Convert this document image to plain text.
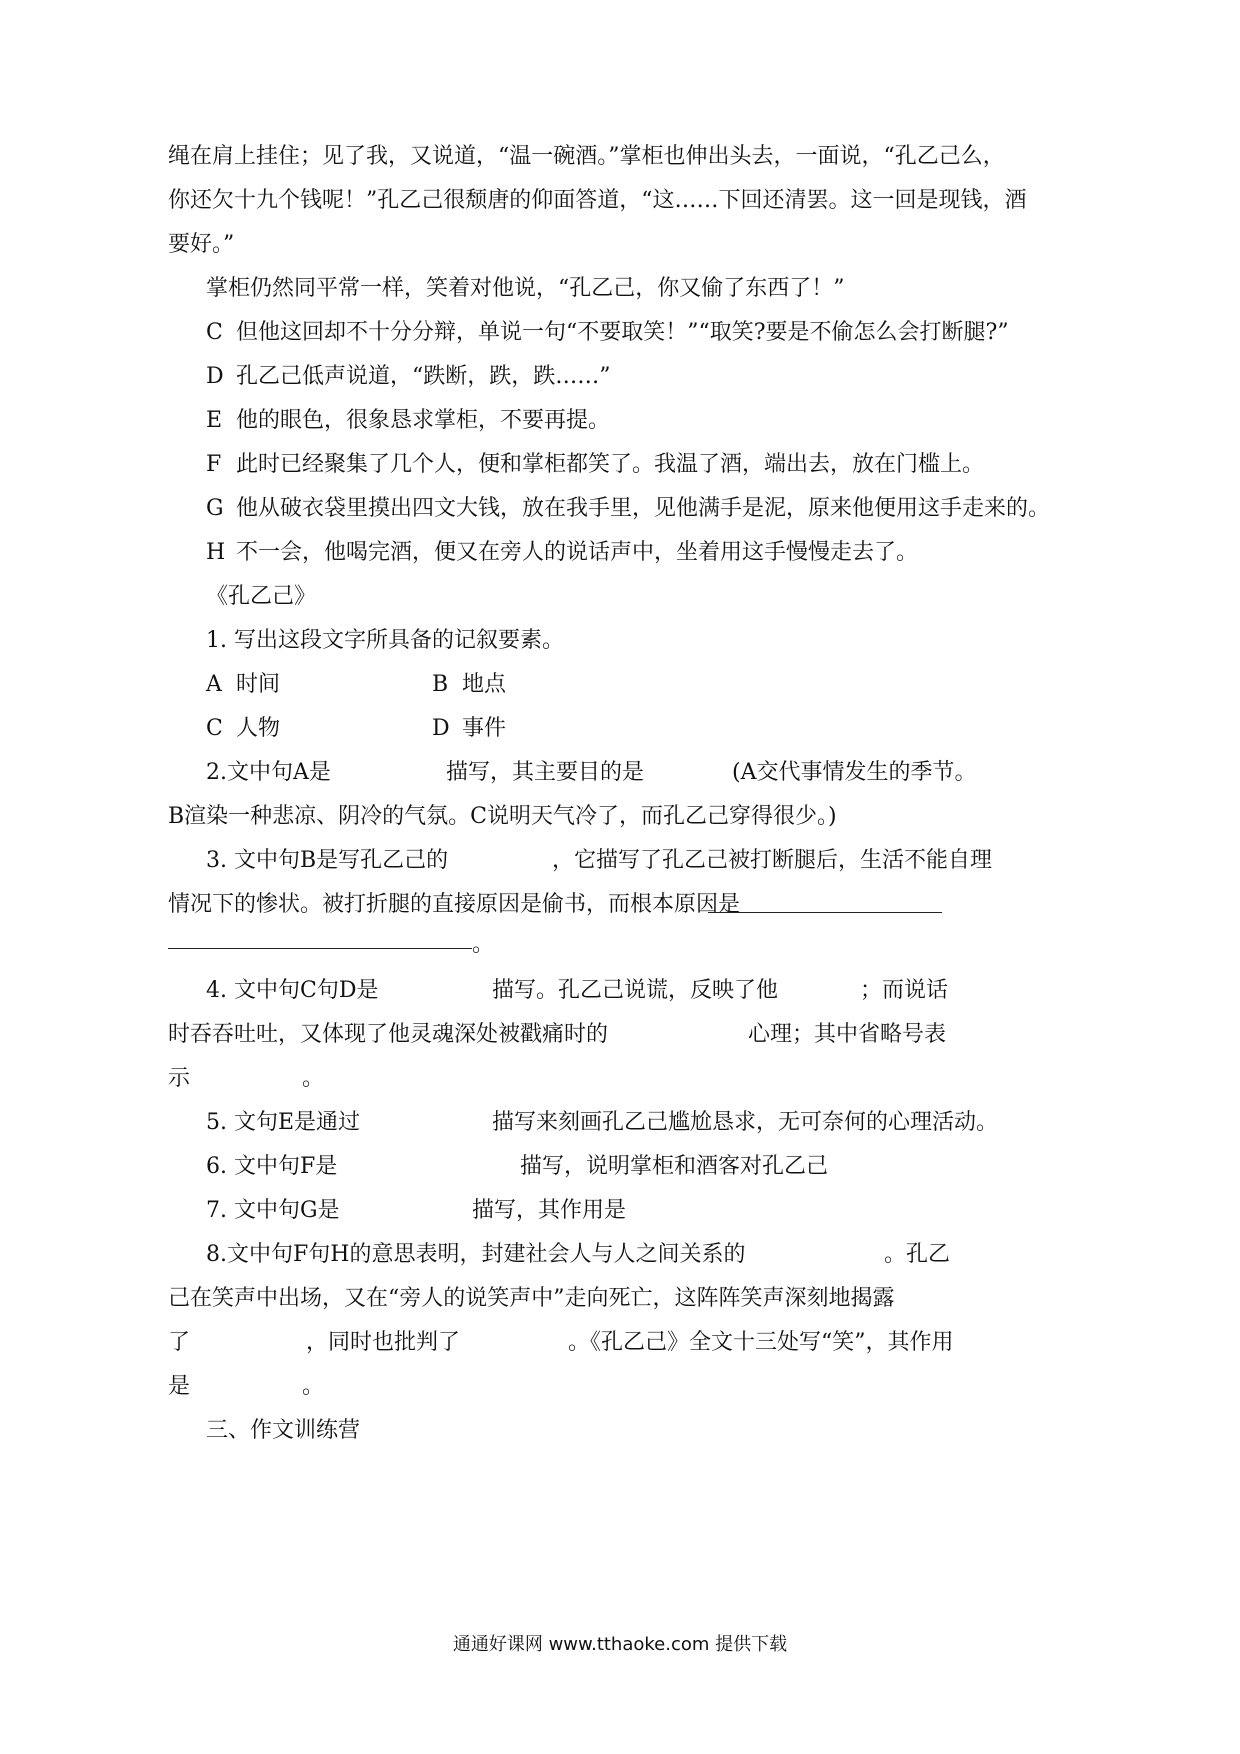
绳在肩上挂住；见了我，又说道，“温一碗酒。”掌柜也伸出头去，一面说，“孔乙己么，
你还欠十九个钱呢！”孔乙己很颓唐的仰面答道，“这……下回还清罢。这一回是现钱，酒
要好。”
掌柜仍然同平常一样，笑着对他说，“孔乙己，你又偷了东西了！”
C 但他这回却不十分分辩，单说一句“不要取笑！”“取笑?要是不偷怎么会打断腿?”
D 孔乙己低声说道，“跌断，跌，跌……”
E 他的眼色，很象恳求掌柜，不要再提。
F 此时已经聚集了几个人，便和掌柜都笑了。我温了酒，端出去，放在门槛上。
G 他从破衣袋里摸出四文大钱，放在我手里，见他满手是泥，原来他便用这手走来的。
H 不一会，他喝完酒，便又在旁人的说话声中，坐着用这手慢慢走去了。
《孔乙己》
1. 写出这段文字所具备的记叙要素。
A 时间	B 地点
C 人物	D 事件
2.文中句A是	描写，其主要目的是	(A交代事情发生的季节。
B渲染一种悲凉、阴冷的气氛。C说明天气冷了，而孔乙己穿得很少。)
3. 文中句B是写孔乙己的	，它描写了孔乙己被打断腿后，生活不能自理
情况下的惨状。被打折腿的直接原因是偷书，而根本原因是
。
4. 文中句C句D是	描写。孔乙己说谎，反映了他	；而说话
时吞吞吐吐，又体现了他灵魂深处被戳痛时的	心理；其中省略号表
示	。
5. 文句E是通过	描写来刻画孔乙己尴尬恳求，无可奈何的心理活动。
6. 文中句F是	描写，说明掌柜和酒客对孔乙己
7. 文中句G是	描写，其作用是
8.文中句F句H的意思表明，封建社会人与人之间关系的	。孔乙
己在笑声中出场，又在“旁人的说笑声中”走向死亡，这阵阵笑声深刻地揭露
了	，同时也批判了	。《孔乙己》全文十三处写“笑”，其作用
是	。
三、作文训练营
通通好课网 www.tthaoke.com 提供下载
